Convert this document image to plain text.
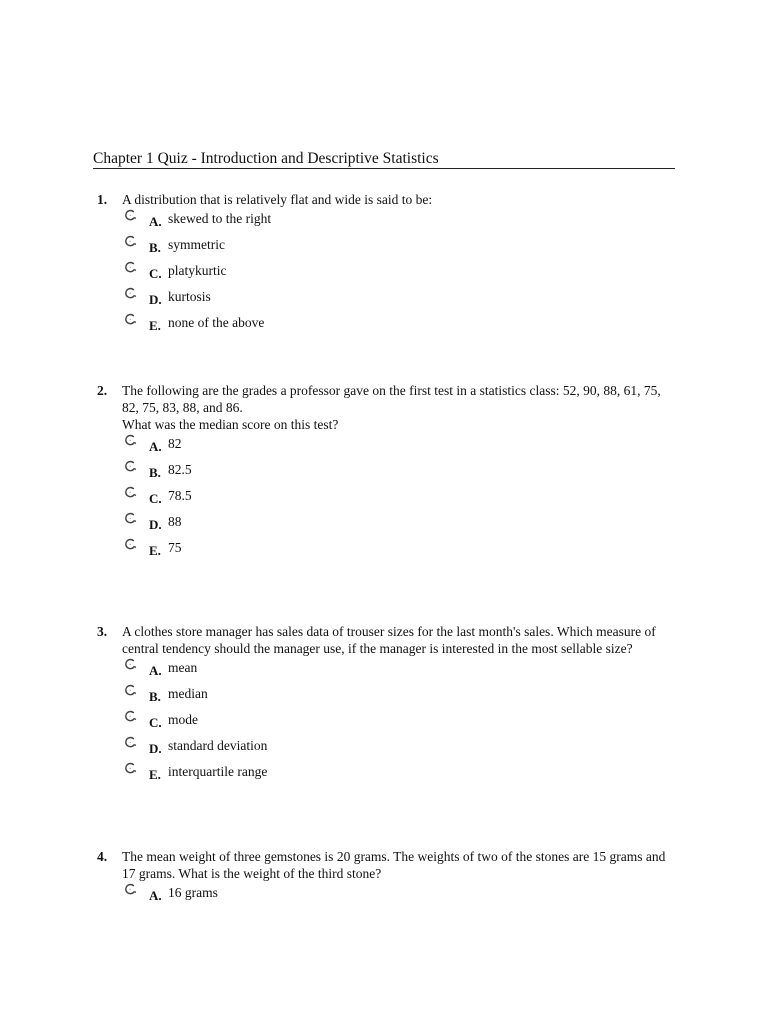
Chapter 1 Quiz - Introduction and Descriptive Statistics
1. A distribution that is relatively flat and wide is said to be:

A. skewed to the right
B. symmetric
C. platykurtic
D. kurtosis
E. none of the above
2. The following are the grades a professor gave on the first test in a statistics class: 52, 90, 88, 61, 75, 82, 75, 83, 88, and 86.

What was the median score on this test?

A. 82
B. 82.5
C. 78.5
D. 88
E. 75
3. A clothes store manager has sales data of trouser sizes for the last month's sales. Which measure of central tendency should the manager use, if the manager is interested in the most sellable size?

A. mean
B. median
C. mode
D. standard deviation
E. interquartile range
4. The mean weight of three gemstones is 20 grams. The weights of two of the stones are 15 grams and 17 grams. What is the weight of the third stone?

A. 16 grams
